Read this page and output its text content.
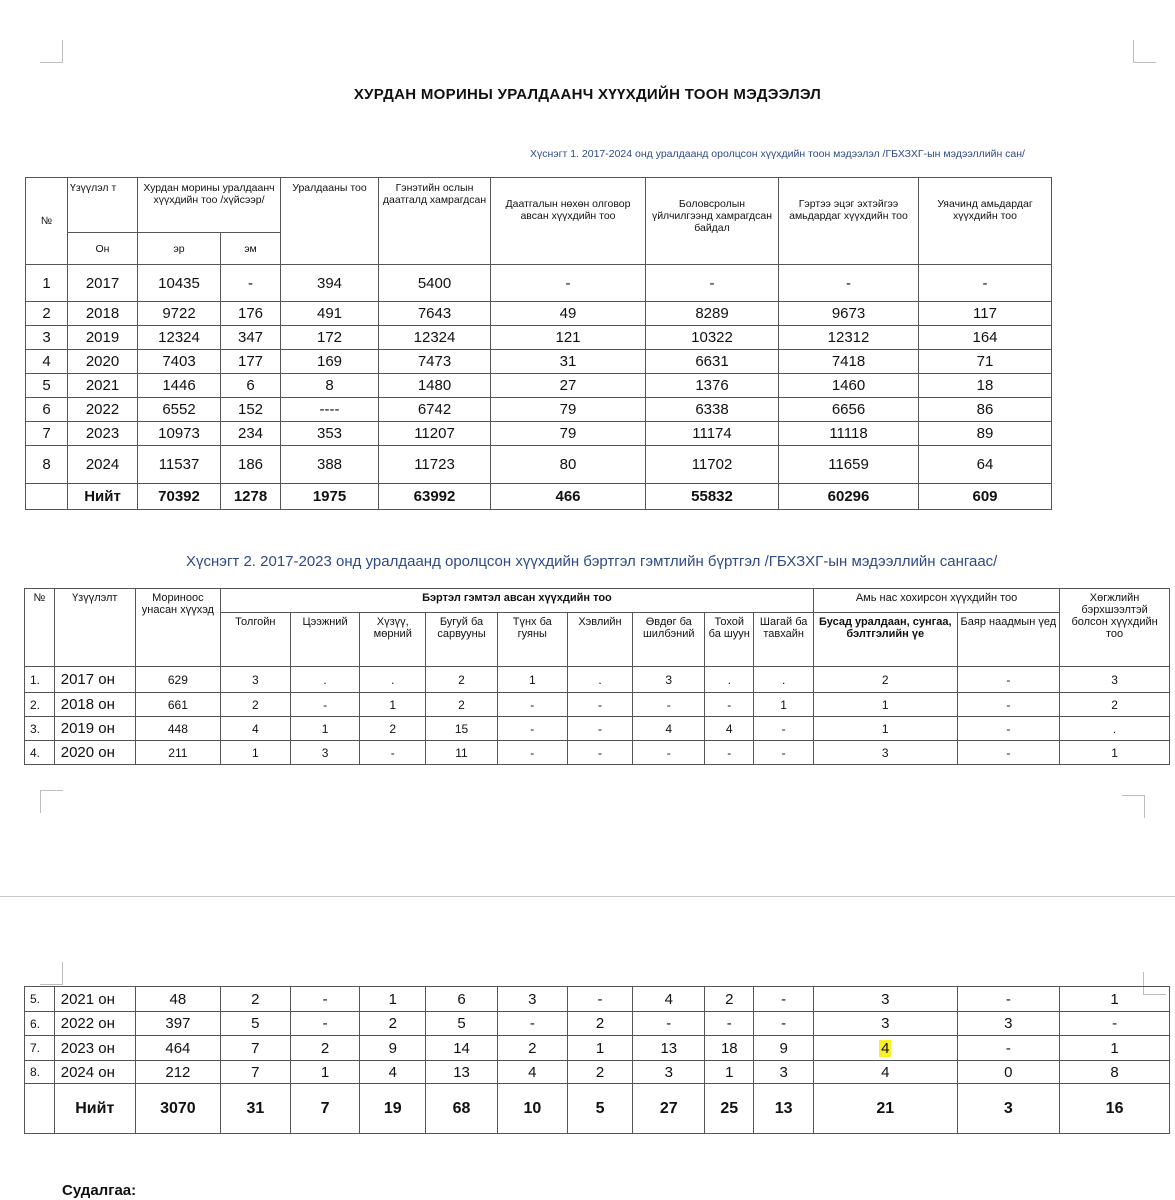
ХУРДАН МОРИНЫ УРАЛДААНЧ ХҮҮХДИЙН ТООН МЭДЭЭЛЭЛ
Хүснэгт 1. 2017-2024 онд уралдаанд оролцсон хүүхдийн тоон мэдээлэл /ГБХЗХГ-ын мэдээллийн сан/
№	Үзүүлэл т	Хурдан морины уралдаанч хүүхдийн тоо /хүйсээр/		Уралдааны тоо	Гэнэтийн ослын даатгалд хамрагдсан	Даатгалын нөхөн олговор авсан хүүхдийн тоо	Боловсролын үйлчилгээнд хамрагдсан байдал	Гэртээ эцэг эхтэйгээ амьдардаг хүүхдийн тоо	Уяачинд амьдардаг хүүхдийн тоо
	Он	эр	эм						
1	2017	10435	-	394	5400	-	-	-	-
2	2018	9722	176	491	7643	49	8289	9673	117
3	2019	12324	347	172	12324	121	10322	12312	164
4	2020	7403	177	169	7473	31	6631	7418	71
5	2021	1446	6	8	1480	27	1376	1460	18
6	2022	6552	152	----	6742	79	6338	6656	86
7	2023	10973	234	353	11207	79	11174	11118	89
8	2024	11537	186	388	11723	80	11702	11659	64
	Нийт	70392	1278	1975	63992	466	55832	60296	609
Хүснэгт 2. 2017-2023 онд уралдаанд оролцсон хүүхдийн бэртгэл гэмтлийн бүртгэл /ГБХЗХГ-ын мэдээллийн сангаас/
№	Үзүүлэлт	Мориноос унасан хүүхэд	Бэртэл гэмтэл авсан хүүхдийн тоо									Амь нас хохирсон хүүхдийн тоо		Хөгжлийн бэрхшээлтэй болсон хүүхдийн тоо
			Толгойн	Цээжний	Хүзүү, мөрний	Бугуй ба сарвууны	Түнх ба гуяны	Хэвлийн	Өвдөг ба шилбэний	Тохой ба шуун	Шагай ба тавхайн	Бусад уралдаан, сунгаа, бэлтгэлийн үе	Баяр наадмын үед	
1.	2017 он	629	3	.	.	2	1	.	3	.	.	2	-	3
2.	2018 он	661	2	-	1	2	-	-	-	-	1	1	-	2
3.	2019 он	448	4	1	2	15	-	-	4	4	-	1	-	.
4.	2020 он	211	1	3	-	11	-	-	-	-	-	3	-	1
5.	2021 он	48	2	-	1	6	3	-	4	2	-	3	-	1
6.	2022 он	397	5	-	2	5	-	2	-	-	-	3	3	-
7.	2023 он	464	7	2	9	14	2	1	13	18	9	4	-	1
8.	2024 он	212	7	1	4	13	4	2	3	1	3	4	0	8
	Нийт	3070	31	7	19	68	10	5	27	25	13	21	3	16
Судалгаа:
